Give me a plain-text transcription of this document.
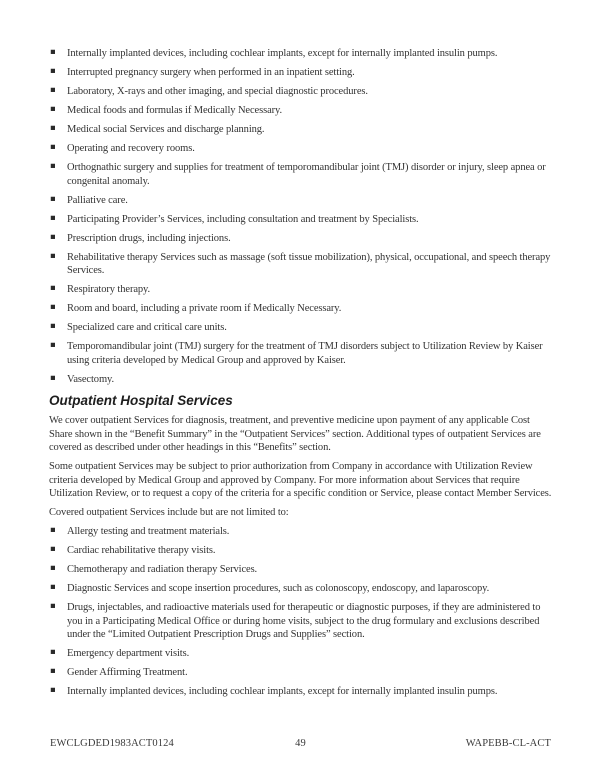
▪ Internally implanted devices, including cochlear implants, except for internally implanted insulin pumps.
▪ Interrupted pregnancy surgery when performed in an inpatient setting.
▪ Laboratory, X-rays and other imaging, and special diagnostic procedures.
▪ Medical foods and formulas if Medically Necessary.
▪ Medical social Services and discharge planning.
▪ Operating and recovery rooms.
▪ Orthognathic surgery and supplies for treatment of temporomandibular joint (TMJ) disorder or injury, sleep apnea or congenital anomaly.
▪ Palliative care.
▪ Participating Provider’s Services, including consultation and treatment by Specialists.
▪ Prescription drugs, including injections.
▪ Rehabilitative therapy Services such as massage (soft tissue mobilization), physical, occupational, and speech therapy Services.
▪ Respiratory therapy.
▪ Room and board, including a private room if Medically Necessary.
▪ Specialized care and critical care units.
▪ Temporomandibular joint (TMJ) surgery for the treatment of TMJ disorders subject to Utilization Review by Kaiser using criteria developed by Medical Group and approved by Kaiser.
▪ Vasectomy.
Outpatient Hospital Services

We cover outpatient Services for diagnosis, treatment, and preventive medicine upon payment of any applicable Cost Share shown in the “Benefit Summary” in the “Outpatient Services” section. Additional types of outpatient Services are covered as described under other headings in this “Benefits” section.

Some outpatient Services may be subject to prior authorization from Company in accordance with Utilization Review criteria developed by Medical Group and approved by Company. For more information about Services that require Utilization Review, or to request a copy of the criteria for a specific condition or Service, please contact Member Services.

Covered outpatient Services include but are not limited to:

▪ Allergy testing and treatment materials.
▪ Cardiac rehabilitative therapy visits.
▪ Chemotherapy and radiation therapy Services.
▪ Diagnostic Services and scope insertion procedures, such as colonoscopy, endoscopy, and laparoscopy.
▪ Drugs, injectables, and radioactive materials used for therapeutic or diagnostic purposes, if they are administered to you in a Participating Medical Office or during home visits, subject to the drug formulary and exclusions described under the “Limited Outpatient Prescription Drugs and Supplies” section.
▪ Emergency department visits.
▪ Gender Affirming Treatment.
▪ Internally implanted devices, including cochlear implants, except for internally implanted insulin pumps.
EWCLGDED1983ACT0124	49	WAPEBB-CL-ACT
